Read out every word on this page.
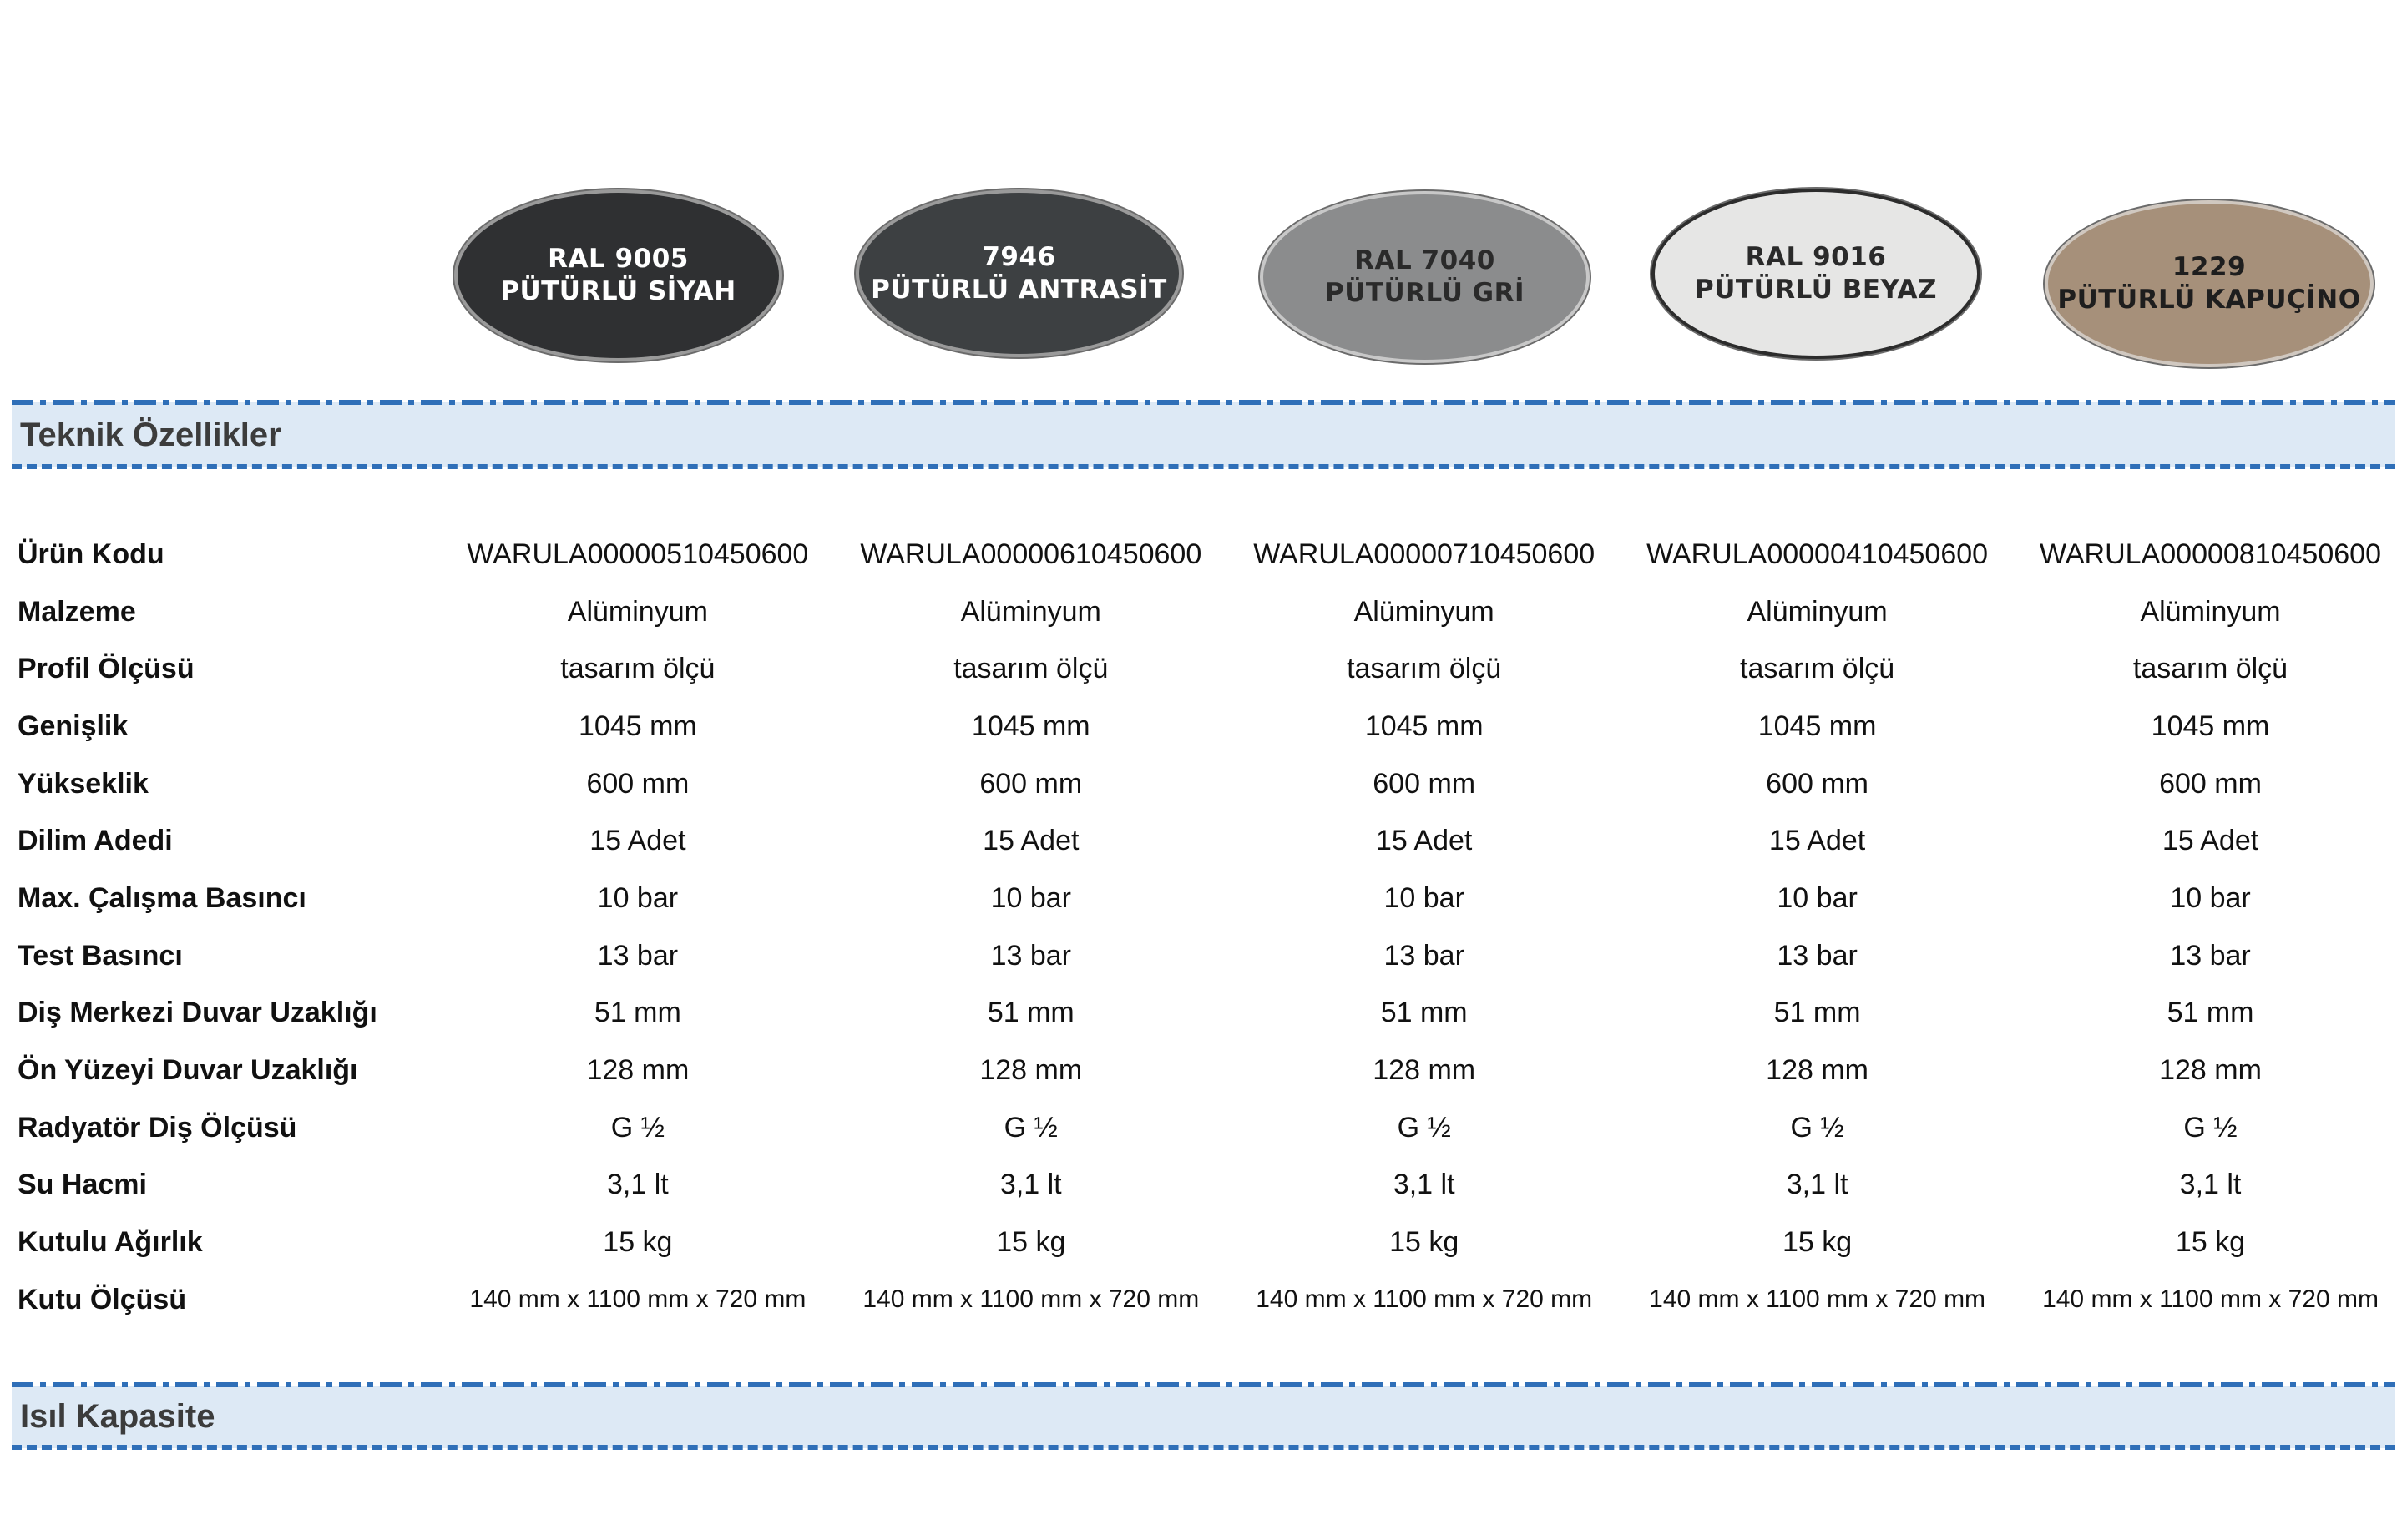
RAL 9005
PÜTÜRLÜ SİYAH
7946
PÜTÜRLÜ ANTRASİT
RAL 7040
PÜTÜRLÜ GRİ
RAL 9016
PÜTÜRLÜ BEYAZ
1229
PÜTÜRLÜ KAPUÇİNO
Teknik Özellikler
Ürün Kodu	WARULA00000510450600	WARULA00000610450600	WARULA00000710450600	WARULA00000410450600	WARULA00000810450600
Malzeme	Alüminyum	Alüminyum	Alüminyum	Alüminyum	Alüminyum
Profil Ölçüsü	tasarım ölçü	tasarım ölçü	tasarım ölçü	tasarım ölçü	tasarım ölçü
Genişlik	1045 mm	1045 mm	1045 mm	1045 mm	1045 mm
Yükseklik	600 mm	600 mm	600 mm	600 mm	600 mm
Dilim Adedi	15 Adet	15 Adet	15 Adet	15 Adet	15 Adet
Max. Çalışma Basıncı	10 bar	10 bar	10 bar	10 bar	10 bar
Test Basıncı	13 bar	13 bar	13 bar	13 bar	13 bar
Diş Merkezi Duvar Uzaklığı	51 mm	51 mm	51 mm	51 mm	51 mm
Ön Yüzeyi Duvar Uzaklığı	128 mm	128 mm	128 mm	128 mm	128 mm
Radyatör Diş Ölçüsü	G ½	G ½	G ½	G ½	G ½
Su Hacmi	3,1 lt	3,1 lt	3,1 lt	3,1 lt	3,1 lt
Kutulu Ağırlık	15 kg	15 kg	15 kg	15 kg	15 kg
Kutu Ölçüsü	140 mm x 1100 mm x 720 mm	140 mm x 1100 mm x 720 mm	140 mm x 1100 mm x 720 mm	140 mm x 1100 mm x 720 mm	140 mm x 1100 mm x 720 mm
Isıl Kapasite
